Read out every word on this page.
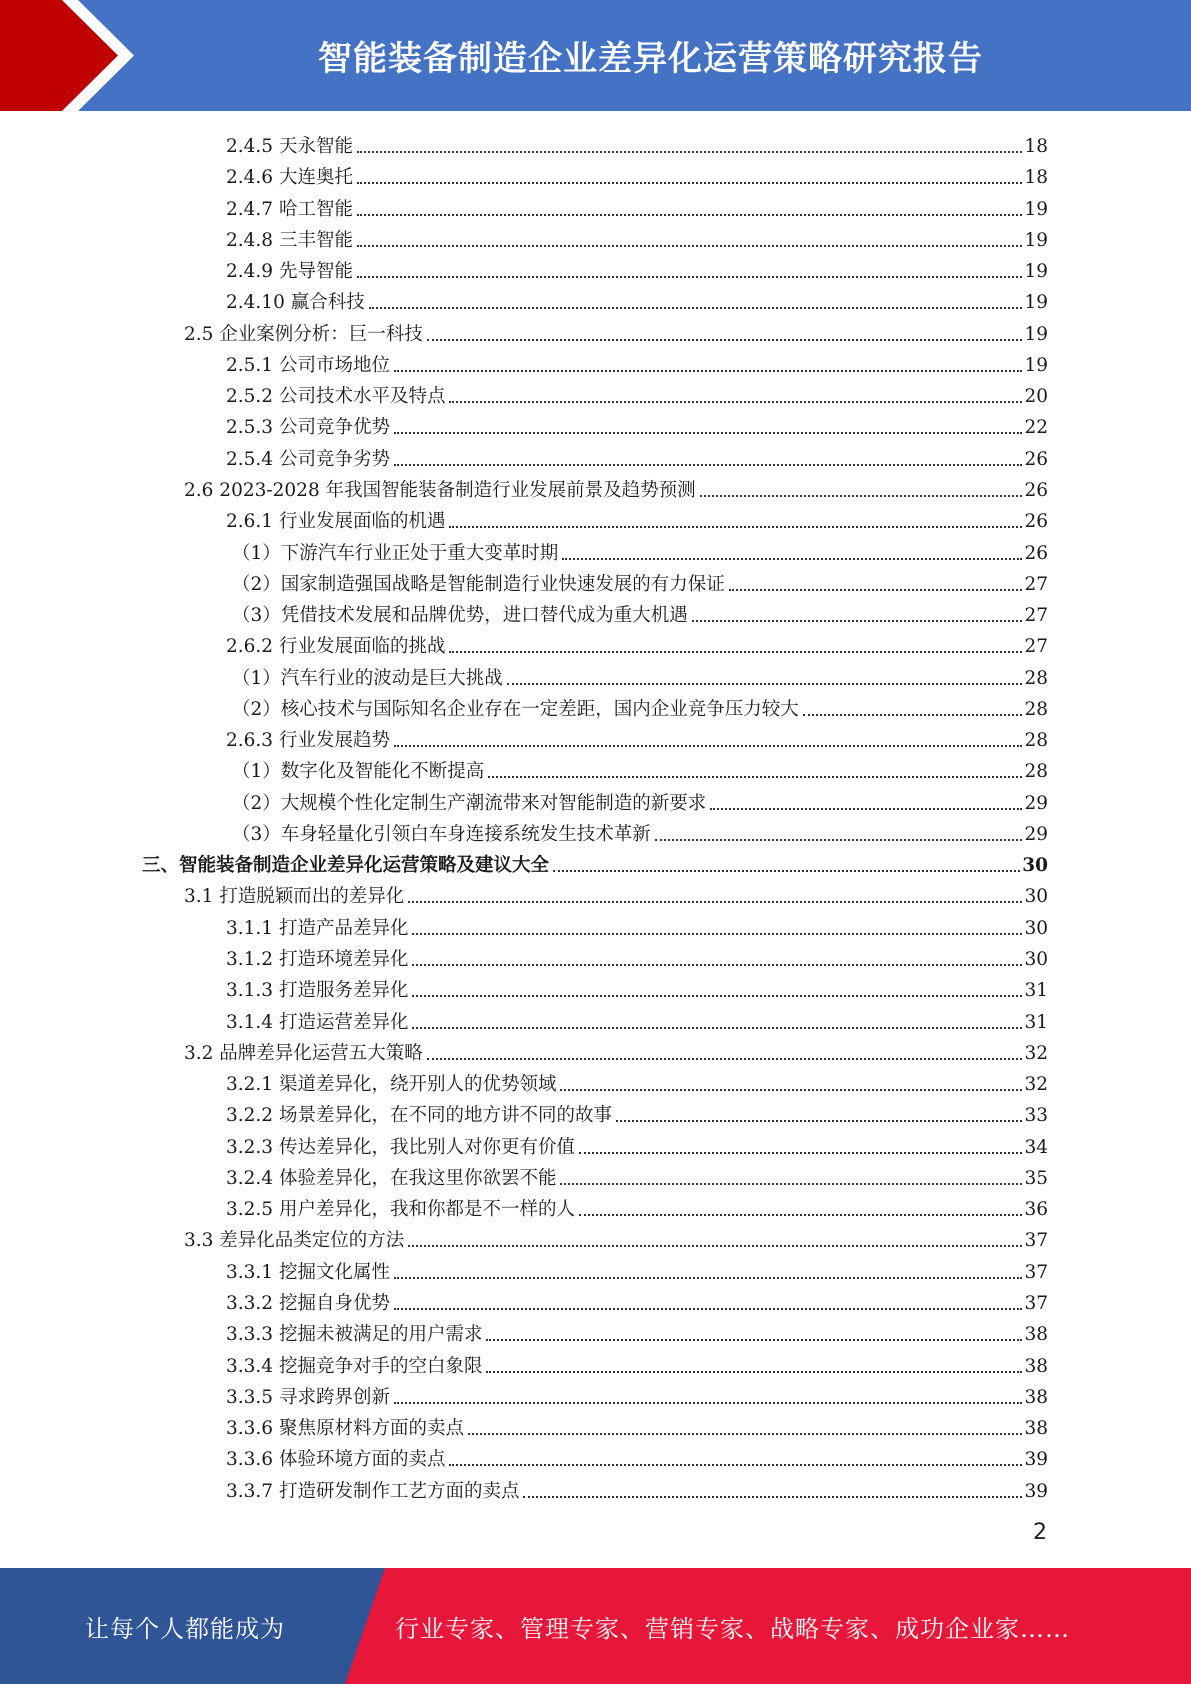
智能装备制造企业差异化运营策略研究报告
2.4.5 天永智能	18
2.4.6 大连奥托	18
2.4.7 哈工智能	19
2.4.8 三丰智能	19
2.4.9 先导智能	19
2.4.10 赢合科技	19
2.5 企业案例分析：巨一科技	19
2.5.1 公司市场地位	19
2.5.2 公司技术水平及特点	20
2.5.3 公司竞争优势	22
2.5.4 公司竞争劣势	26
2.6 2023-2028 年我国智能装备制造行业发展前景及趋势预测	26
2.6.1 行业发展面临的机遇	26
（1）下游汽车行业正处于重大变革时期	26
（2）国家制造强国战略是智能制造行业快速发展的有力保证	27
（3）凭借技术发展和品牌优势，进口替代成为重大机遇	27
2.6.2 行业发展面临的挑战	27
（1）汽车行业的波动是巨大挑战	28
（2）核心技术与国际知名企业存在一定差距，国内企业竞争压力较大	28
2.6.3 行业发展趋势	28
（1）数字化及智能化不断提高	28
（2）大规模个性化定制生产潮流带来对智能制造的新要求	29
（3）车身轻量化引领白车身连接系统发生技术革新	29
三、智能装备制造企业差异化运营策略及建议大全	30
3.1 打造脱颖而出的差异化	30
3.1.1 打造产品差异化	30
3.1.2 打造环境差异化	30
3.1.3 打造服务差异化	31
3.1.4 打造运营差异化	31
3.2 品牌差异化运营五大策略	32
3.2.1 渠道差异化，绕开别人的优势领域	32
3.2.2 场景差异化，在不同的地方讲不同的故事	33
3.2.3 传达差异化，我比别人对你更有价值	34
3.2.4 体验差异化，在我这里你欲罢不能	35
3.2.5 用户差异化，我和你都是不一样的人	36
3.3 差异化品类定位的方法	37
3.3.1 挖掘文化属性	37
3.3.2 挖掘自身优势	37
3.3.3 挖掘未被满足的用户需求	38
3.3.4 挖掘竞争对手的空白象限	38
3.3.5 寻求跨界创新	38
3.3.6 聚焦原材料方面的卖点	38
3.3.6 体验环境方面的卖点	39
3.3.7 打造研发制作工艺方面的卖点	39
2
让每个人都能成为	行业专家、管理专家、营销专家、战略专家、成功企业家……
